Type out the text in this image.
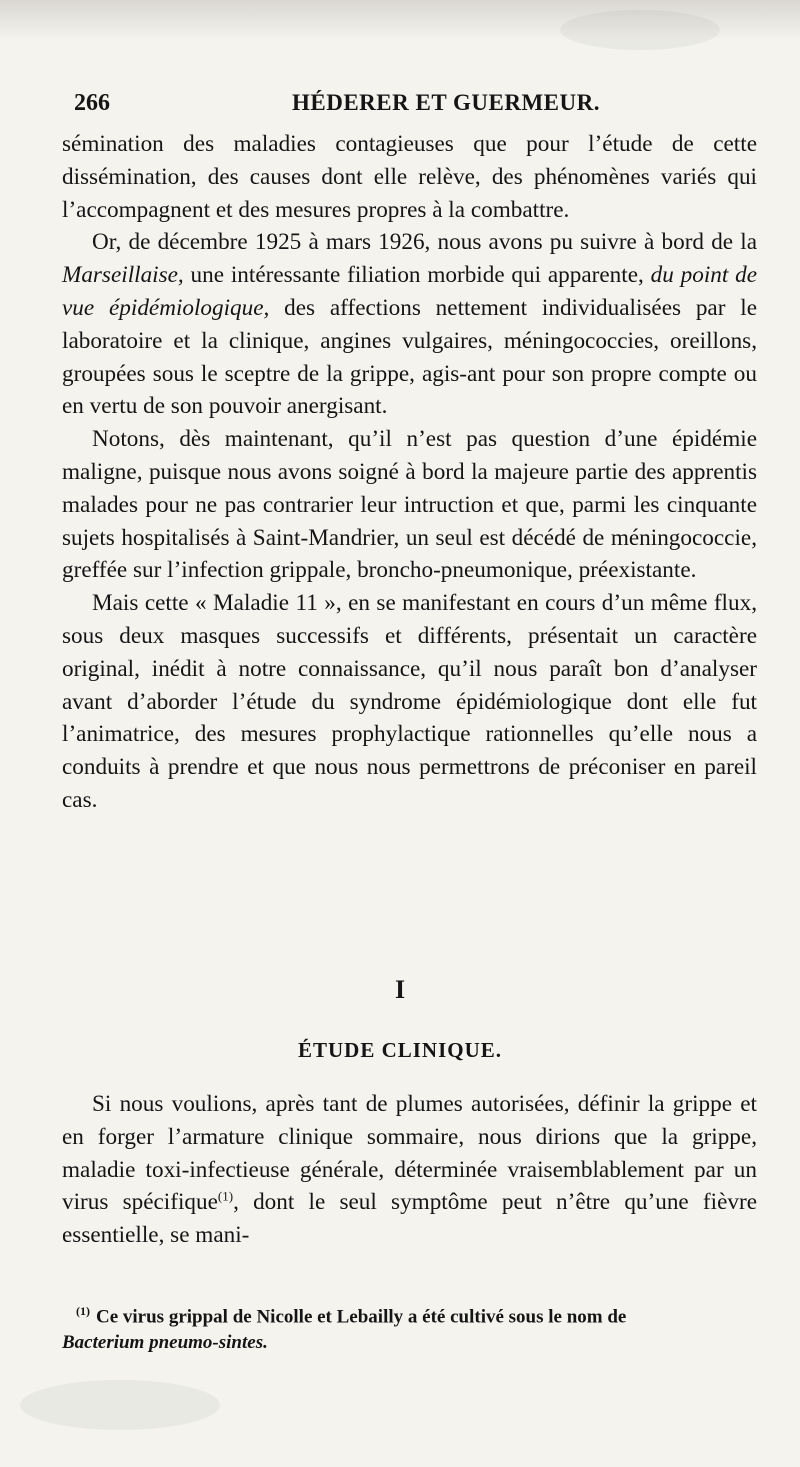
266	HÉDERER ET GUERMEUR.

sémination des maladies contagieuses que pour l’étude de cette dissémination, des causes dont elle relève, des phénomènes variés qui l’accompagnent et des mesures propres à la combattre.

Or, de décembre 1925 à mars 1926, nous avons pu suivre à bord de la Marseillaise, une intéressante filiation morbide qui apparente, du point de vue épidémiologique, des affections nettement individualisées par le laboratoire et la clinique, angines vulgaires, méningococcies, oreillons, groupées sous le sceptre de la grippe, agis-ant pour son propre compte ou en vertu de son pouvoir anergisant.

Notons, dès maintenant, qu’il n’est pas question d’une épidémie maligne, puisque nous avons soigné à bord la majeure partie des apprentis malades pour ne pas contrarier leur intruction et que, parmi les cinquante sujets hospitalisés à Saint-Mandrier, un seul est décédé de méningococcie, greffée sur l’infection grippale, broncho-pneumonique, préexistante.

Mais cette « Maladie 11 », en se manifestant en cours d’un même flux, sous deux masques successifs et différents, présentait un caractère original, inédit à notre connaissance, qu’il nous paraît bon d’analyser avant d’aborder l’étude du syndrome épidémiologique dont elle fut l’animatrice, des mesures prophylactique rationnelles qu’elle nous a conduits à prendre et que nous nous permettrons de préconiser en pareil cas.

I
ÉTUDE CLINIQUE.

Si nous voulions, après tant de plumes autorisées, définir la grippe et en forger l’armature clinique sommaire, nous dirions que la grippe, maladie toxi-infectieuse générale, déterminée vraisemblablement par un virus spécifique$^{(1)}$, dont le seul symptôme peut n’être qu’une fièvre essentielle, se mani-

$^{(1)}$ Ce virus grippal de Nicolle et Lebailly a été cultivé sous le nom de
Bacterium pneumo-sintes.
